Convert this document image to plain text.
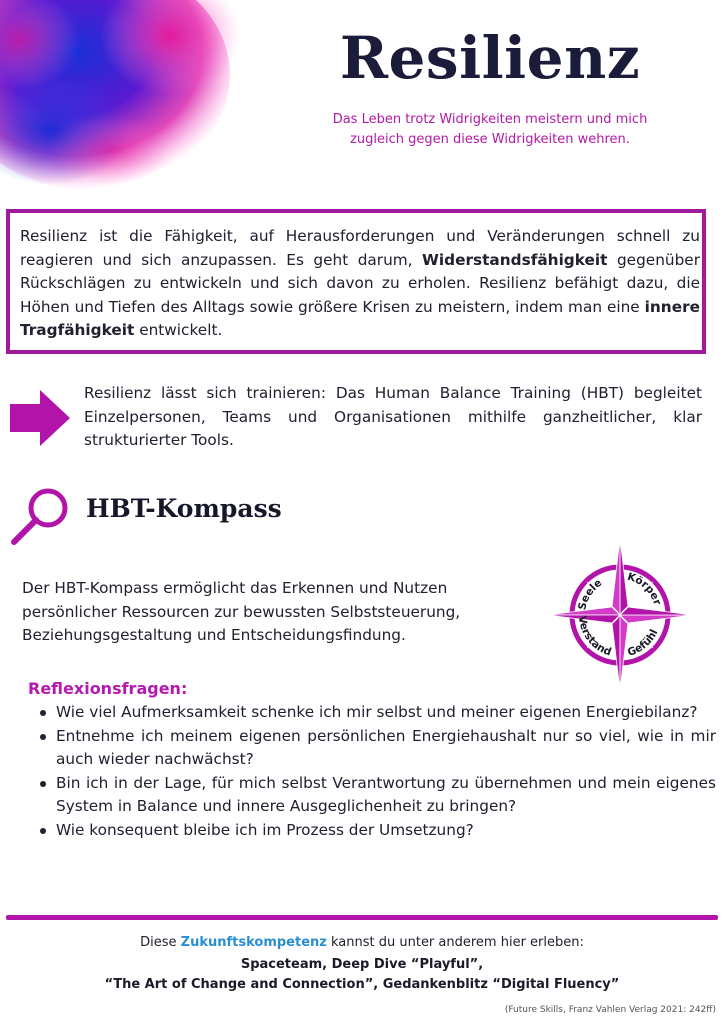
Resilienz
Das Leben trotz Widrigkeiten meistern und mich
zugleich gegen diese Widrigkeiten wehren.
Resilienz ist die Fähigkeit, auf Herausforderungen und Veränderungen schnell zu reagieren und sich anzupassen. Es geht darum, Widerstandsfähigkeit gegenüber Rückschlägen zu entwickeln und sich davon zu erholen. Resilienz befähigt dazu, die Höhen und Tiefen des Alltags sowie größere Krisen zu meistern, indem man eine innere Tragfähigkeit entwickelt.
Resilienz lässt sich trainieren: Das Human Balance Training (HBT) begleitet Einzelpersonen, Teams und Organisationen mithilfe ganzheitlicher, klar strukturierter Tools.
HBT-Kompass
Der HBT-Kompass ermöglicht das Erkennen und Nutzen persönlicher Ressourcen zur bewussten Selbststeuerung, Beziehungsgestaltung und Entscheidungsfindung.
Seele Körper
Verstand Gefühl
Reflexionsfragen:
Wie viel Aufmerksamkeit schenke ich mir selbst und meiner eigenen Energiebilanz?
Entnehme ich meinem eigenen persönlichen Energiehaushalt nur so viel, wie in mir auch wieder nachwächst?
Bin ich in der Lage, für mich selbst Verantwortung zu übernehmen und mein eigenes System in Balance und innere Ausgeglichenheit zu bringen?
Wie konsequent bleibe ich im Prozess der Umsetzung?
Diese Zukunftskompetenz kannst du unter anderem hier erleben:
Spaceteam, Deep Dive “Playful”,
“The Art of Change and Connection”, Gedankenblitz “Digital Fluency”
(Future Skills, Franz Vahlen Verlag 2021: 242ff)
